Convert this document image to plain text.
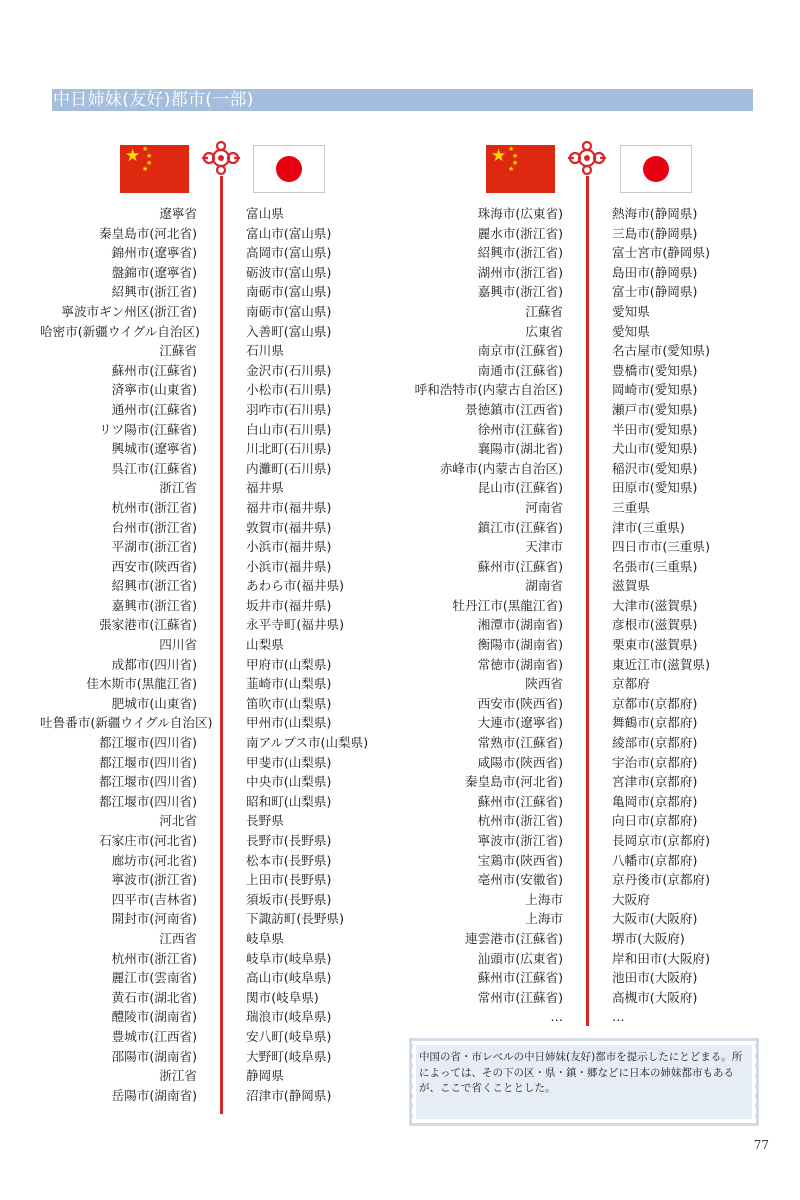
中日姉妹(友好)都市(一部)
★ ★
★
★
★
★ ★
★
★
★
遼寧省
秦皇島市(河北省)
錦州市(遼寧省)
盤錦市(遼寧省)
紹興市(浙江省)
寧波市ギン州区(浙江省)
哈密市(新疆ウイグル自治区)
江蘇省
蘇州市(江蘇省)
済寧市(山東省)
通州市(江蘇省)
リツ陽市(江蘇省)
興城市(遼寧省)
呉江市(江蘇省)
浙江省
杭州市(浙江省)
台州市(浙江省)
平湖市(浙江省)
西安市(陝西省)
紹興市(浙江省)
嘉興市(浙江省)
張家港市(江蘇省)
四川省
成都市(四川省)
佳木斯市(黒龍江省)
肥城市(山東省)
吐鲁番市(新疆ウイグル自治区)
都江堰市(四川省)
都江堰市(四川省)
都江堰市(四川省)
都江堰市(四川省)
河北省
石家庄市(河北省)
廊坊市(河北省)
寧波市(浙江省)
四平市(吉林省)
開封市(河南省)
江西省
杭州市(浙江省)
麗江市(雲南省)
黄石市(湖北省)
醴陵市(湖南省)
豊城市(江西省)
邵陽市(湖南省)
浙江省
岳陽市(湖南省)
富山県
富山市(富山県)
高岡市(富山県)
砺波市(富山県)
南砺市(富山県)
南砺市(富山県)
入善町(富山県)
石川県
金沢市(石川県)
小松市(石川県)
羽咋市(石川県)
白山市(石川県)
川北町(石川県)
内灘町(石川県)
福井県
福井市(福井県)
敦賀市(福井県)
小浜市(福井県)
小浜市(福井県)
あわら市(福井県)
坂井市(福井県)
永平寺町(福井県)
山梨県
甲府市(山梨県)
韮崎市(山梨県)
笛吹市(山梨県)
甲州市(山梨県)
南アルプス市(山梨県)
甲斐市(山梨県)
中央市(山梨県)
昭和町(山梨県)
長野県
長野市(長野県)
松本市(長野県)
上田市(長野県)
須坂市(長野県)
下諏訪町(長野県)
岐阜県
岐阜市(岐阜県)
高山市(岐阜県)
関市(岐阜県)
瑞浪市(岐阜県)
安八町(岐阜県)
大野町(岐阜県)
静岡県
沼津市(静岡県)
珠海市(広東省)
麗水市(浙江省)
紹興市(浙江省)
湖州市(浙江省)
嘉興市(浙江省)
江蘇省
広東省
南京市(江蘇省)
南通市(江蘇省)
呼和浩特市(内蒙古自治区)
景徳鎮市(江西省)
徐州市(江蘇省)
襄陽市(湖北省)
赤峰市(内蒙古自治区)
昆山市(江蘇省)
河南省
鎮江市(江蘇省)
天津市
蘇州市(江蘇省)
湖南省
牡丹江市(黒龍江省)
湘潭市(湖南省)
衡陽市(湖南省)
常徳市(湖南省)
陝西省
西安市(陝西省)
大連市(遼寧省)
常熟市(江蘇省)
咸陽市(陝西省)
秦皇島市(河北省)
蘇州市(江蘇省)
杭州市(浙江省)
寧波市(浙江省)
宝鶏市(陝西省)
亳州市(安徽省)
上海市
上海市
連雲港市(江蘇省)
汕頭市(広東省)
蘇州市(江蘇省)
常州市(江蘇省)
…
熱海市(静岡県)
三島市(静岡県)
富士宮市(静岡県)
島田市(静岡県)
富士市(静岡県)
愛知県
愛知県
名古屋市(愛知県)
豊橋市(愛知県)
岡崎市(愛知県)
瀬戸市(愛知県)
半田市(愛知県)
犬山市(愛知県)
稲沢市(愛知県)
田原市(愛知県)
三重県
津市(三重県)
四日市市(三重県)
名張市(三重県)
滋賀県
大津市(滋賀県)
彦根市(滋賀県)
栗東市(滋賀県)
東近江市(滋賀県)
京都府
京都市(京都府)
舞鶴市(京都府)
綾部市(京都府)
宇治市(京都府)
宮津市(京都府)
亀岡市(京都府)
向日市(京都府)
長岡京市(京都府)
八幡市(京都府)
京丹後市(京都府)
大阪府
大阪市(大阪府)
堺市(大阪府)
岸和田市(大阪府)
池田市(大阪府)
高槻市(大阪府)
…
中国の省・市レベルの中日姉妹(友好)都市を提示したにとどまる。所によっては、その下の区・県・鎮・郷などに日本の姉妹都市もあるが、ここで省くこととした。
77
